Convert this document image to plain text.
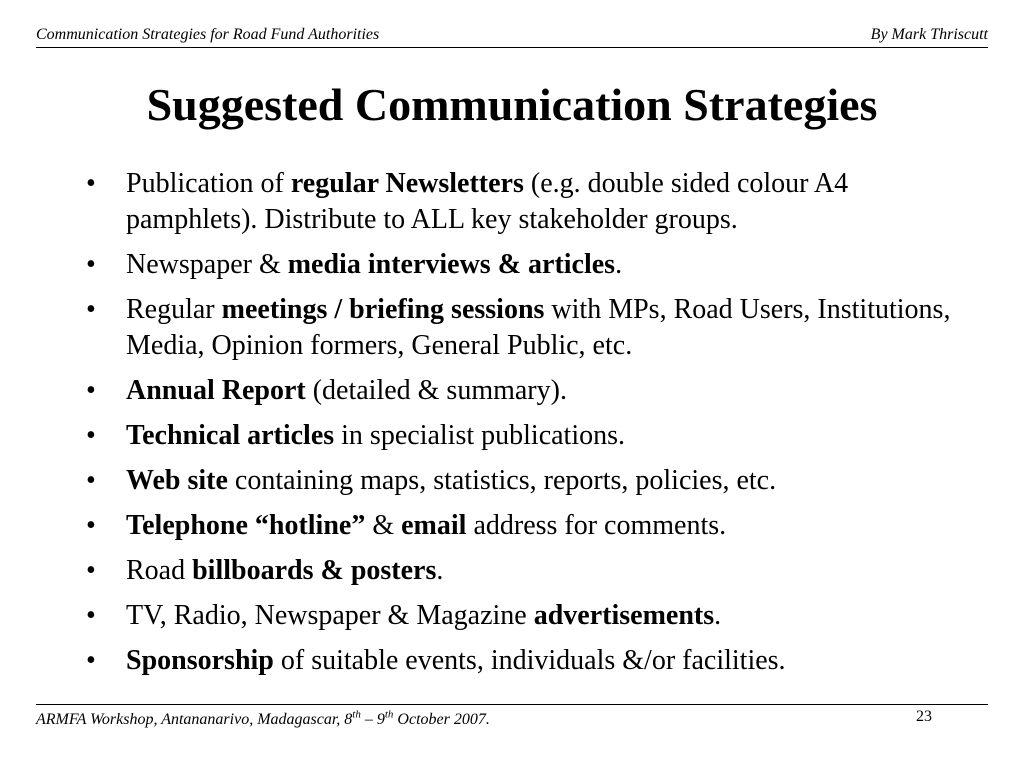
Communication Strategies for Road Fund Authorities	By Mark Thriscutt
Suggested Communication Strategies
• Publication of regular Newsletters (e.g. double sided colour A4 pamphlets). Distribute to ALL key stakeholder groups.
• Newspaper & media interviews & articles.
• Regular meetings / briefing sessions with MPs, Road Users, Institutions, Media, Opinion formers, General Public, etc.
• Annual Report (detailed & summary).
• Technical articles in specialist publications.
• Web site containing maps, statistics, reports, policies, etc.
• Telephone “hotline” & email address for comments.
• Road billboards & posters.
• TV, Radio, Newspaper & Magazine advertisements.
• Sponsorship of suitable events, individuals &/or facilities.
ARMFA Workshop, Antananarivo, Madagascar, 8th – 9th October 2007.	23
